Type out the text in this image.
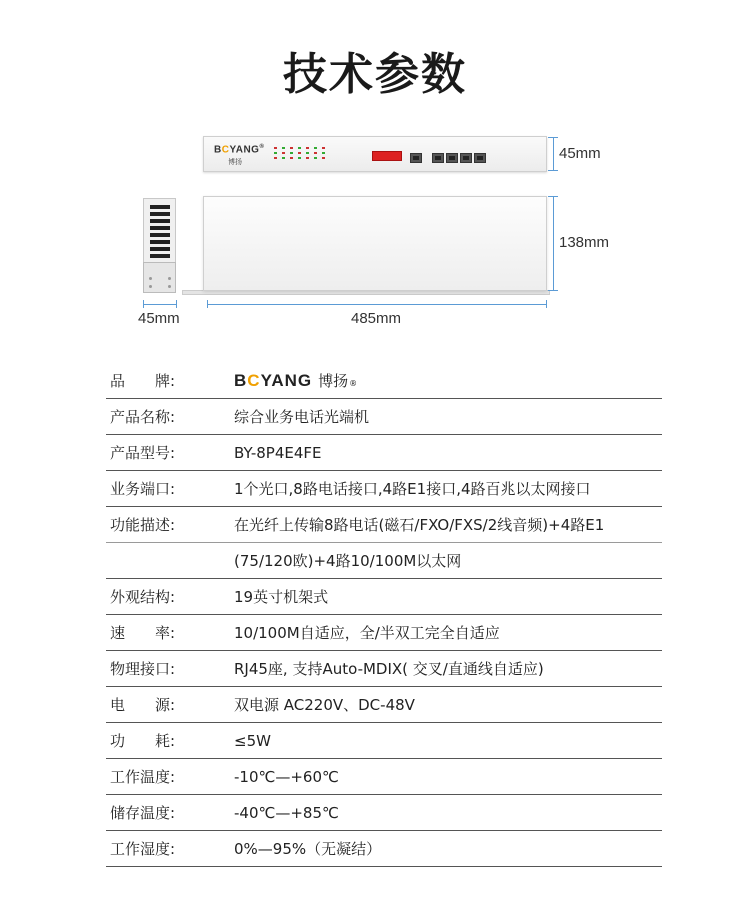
技术参数
BCYANG®
博扬	45mm
138mm
45mm	485mm
品　　牌:	BCYANG 博扬 ®
产品名称:	综合业务电话光端机
产品型号:	BY-8P4E4FE
业务端口:	1个光口,8路电话接口,4路E1接口,4路百兆以太网接口
功能描述:	在光纤上传输8路电话(磁石/FXO/FXS/2线音频)+4路E1
(75/120欧)+4路10/100M以太网
外观结构:	19英寸机架式
速　　率:	10/100M自适应，全/半双工完全自适应
物理接口:	RJ45座, 支持Auto-MDIX( 交叉/直通线自适应)
电　　源:	双电源 AC220V、DC-48V
功　　耗:	≤5W
工作温度:	-10℃—+60℃
储存温度:	-40℃—+85℃
工作湿度:	0%—95%（无凝结）
